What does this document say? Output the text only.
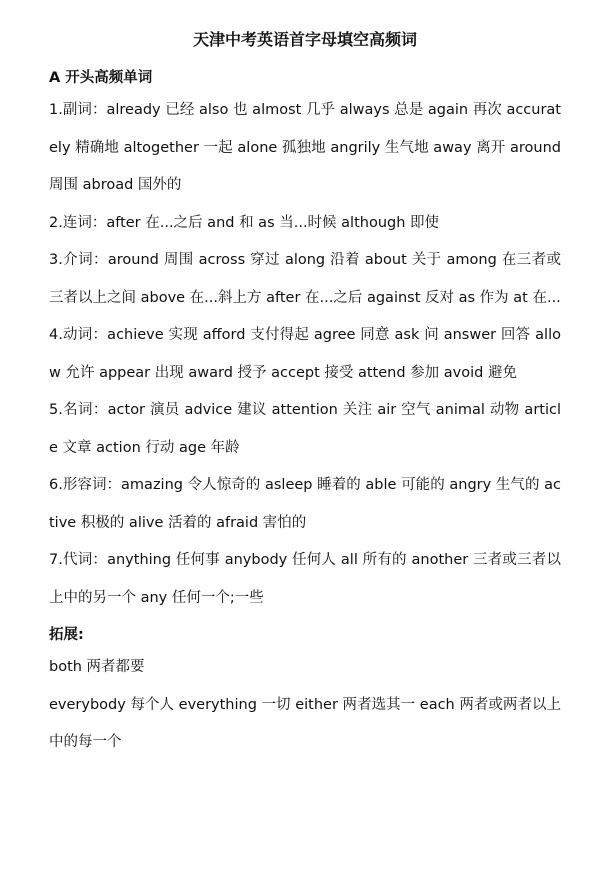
天津中考英语首字母填空高频词
A 开头高频单词
1.副词：already 已经 also 也 almost 几乎 always 总是 again 再次 accurately 精确地 altogether 一起 alone 孤独地 angrily 生气地 away 离开 around 周围 abroad 国外的
2.连词：after 在...之后 and 和 as 当...时候 although 即使
3.介词：around 周围 across 穿过 along 沿着 about 关于 among 在三者或三者以上之间 above 在...斜上方 after 在...之后 against 反对 as 作为 at 在...
4.动词：achieve 实现 afford 支付得起 agree 同意 ask 问 answer 回答 allow 允许 appear 出现 award 授予 accept 接受 attend 参加 avoid 避免
5.名词：actor 演员 advice 建议 attention 关注 air 空气 animal 动物 article 文章 action 行动 age 年龄
6.形容词：amazing 令人惊奇的 asleep 睡着的 able 可能的 angry 生气的 active 积极的 alive 活着的 afraid 害怕的
7.代词：anything 任何事 anybody 任何人 all 所有的 another 三者或三者以上中的另一个 any 任何一个;一些
拓展:
both 两者都要
everybody 每个人 everything 一切 either 两者选其一 each 两者或两者以上中的每一个
